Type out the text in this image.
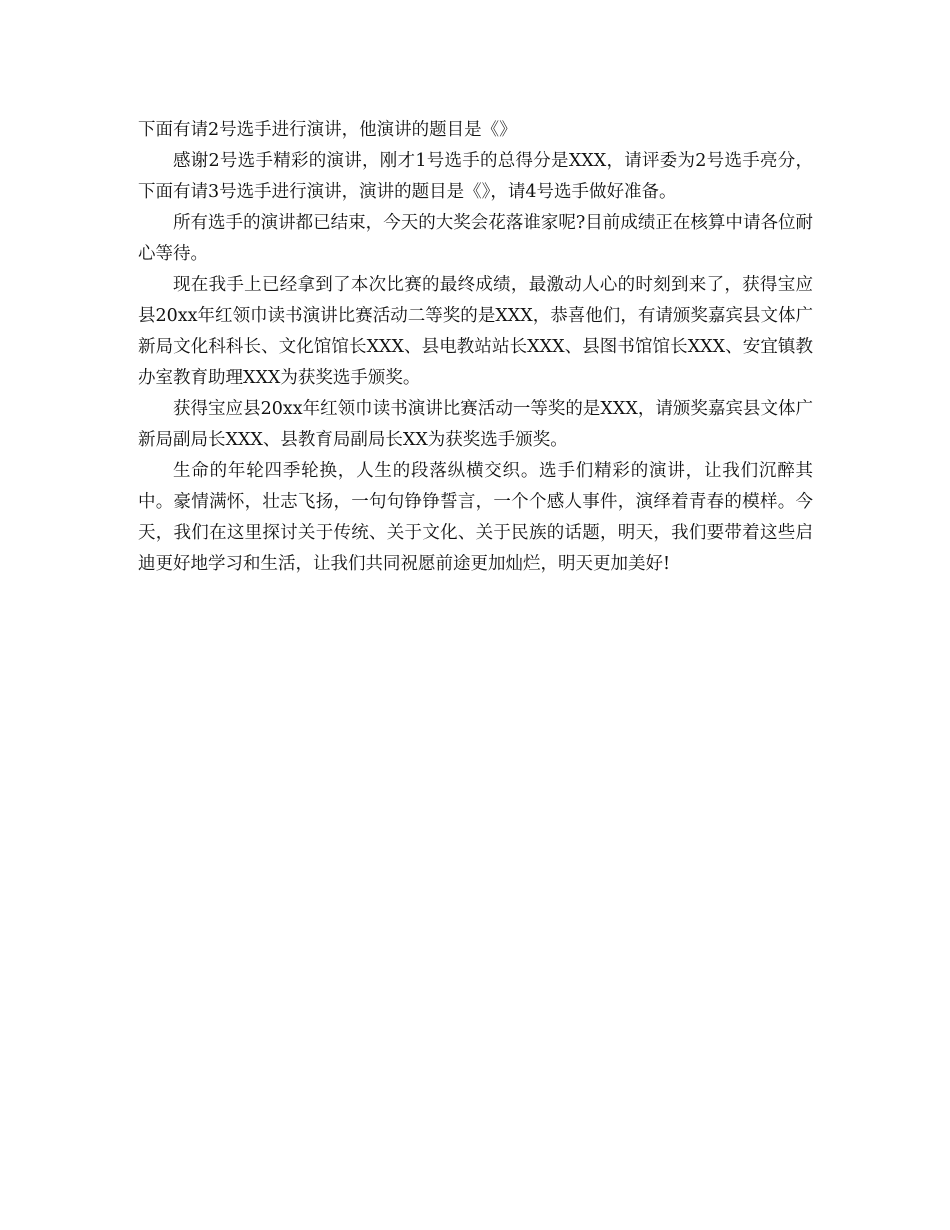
下面有请2号选手进行演讲，他演讲的题目是《》

感谢2号选手精彩的演讲，刚才1号选手的总得分是XXX，请评委为2号选手亮分，下面有请3号选手进行演讲，演讲的题目是《》，请4号选手做好准备。

所有选手的演讲都已结束，今天的大奖会花落谁家呢?目前成绩正在核算中请各位耐心等待。

现在我手上已经拿到了本次比赛的最终成绩，最激动人心的时刻到来了，获得宝应县20xx年红领巾读书演讲比赛活动二等奖的是XXX，恭喜他们，有请颁奖嘉宾县文体广新局文化科科长、文化馆馆长XXX、县电教站站长XXX、县图书馆馆长XXX、安宜镇教办室教育助理XXX为获奖选手颁奖。

获得宝应县20xx年红领巾读书演讲比赛活动一等奖的是XXX，请颁奖嘉宾县文体广新局副局长XXX、县教育局副局长XX为获奖选手颁奖。

生命的年轮四季轮换，人生的段落纵横交织。选手们精彩的演讲，让我们沉醉其中。豪情满怀，壮志飞扬，一句句铮铮誓言，一个个感人事件，演绎着青春的模样。今天，我们在这里探讨关于传统、关于文化、关于民族的话题，明天，我们要带着这些启迪更好地学习和生活，让我们共同祝愿前途更加灿烂，明天更加美好!
